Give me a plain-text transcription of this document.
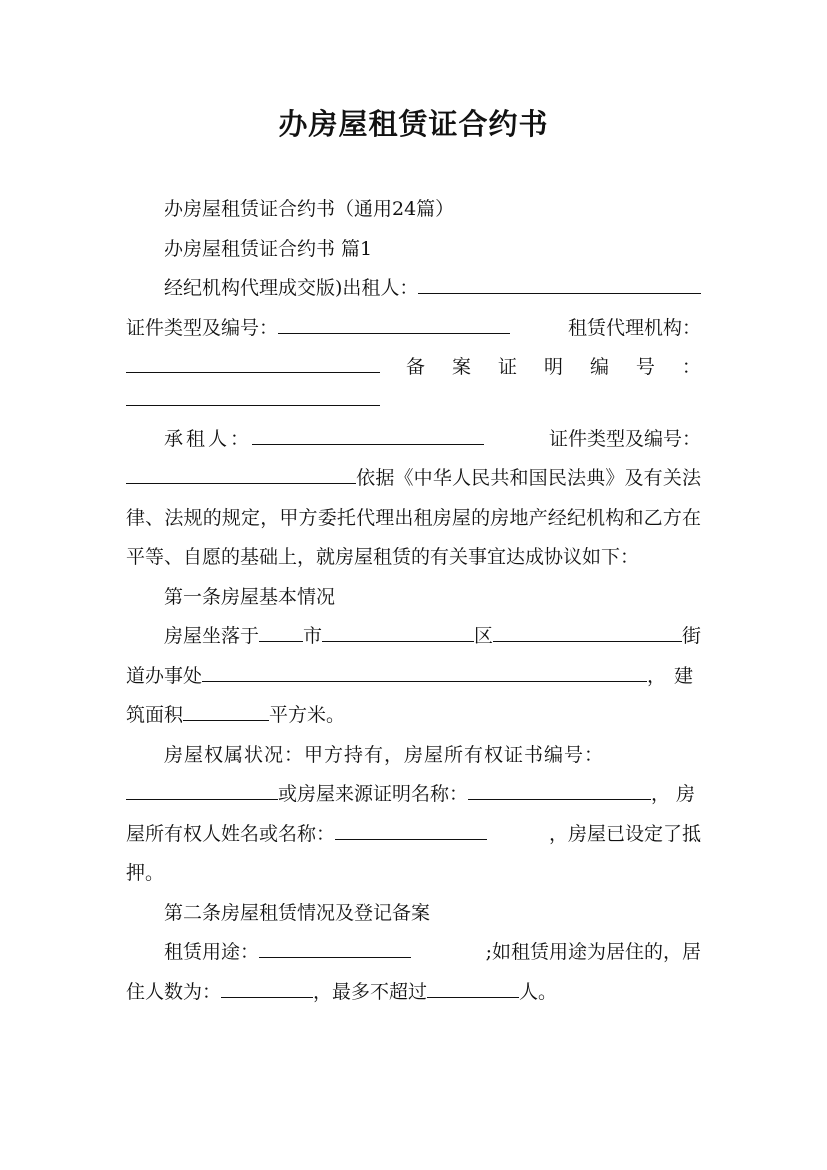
办房屋租赁证合约书

办房屋租赁证合约书（通用24篇）

办房屋租赁证合约书 篇1

经纪机构代理成交版)出租人：
证件类型及编号：	租赁代理机构：
备 案 证 明 编 号 ：
承租人：	证件类型及编号：

依据《中华人民共和国民法典》及有关法律、法规的规定，甲方委托代理出租房屋的房地产经纪机构和乙方在平等、自愿的基础上，就房屋租赁的有关事宜达成协议如下：

第一条房屋基本情况

房屋坐落于 市	区	街
道办事处	，建
筑面积	平方米。

房屋权属状况：甲方持有，房屋所有权证书编号：

或房屋来源证明名称：	，房
屋所有权人姓名或名称：	，房屋已设定了抵

押。

第二条房屋租赁情况及登记备案

租赁用途：	;如租赁用途为居住的，居
住人数为：	，最多不超过	人。
